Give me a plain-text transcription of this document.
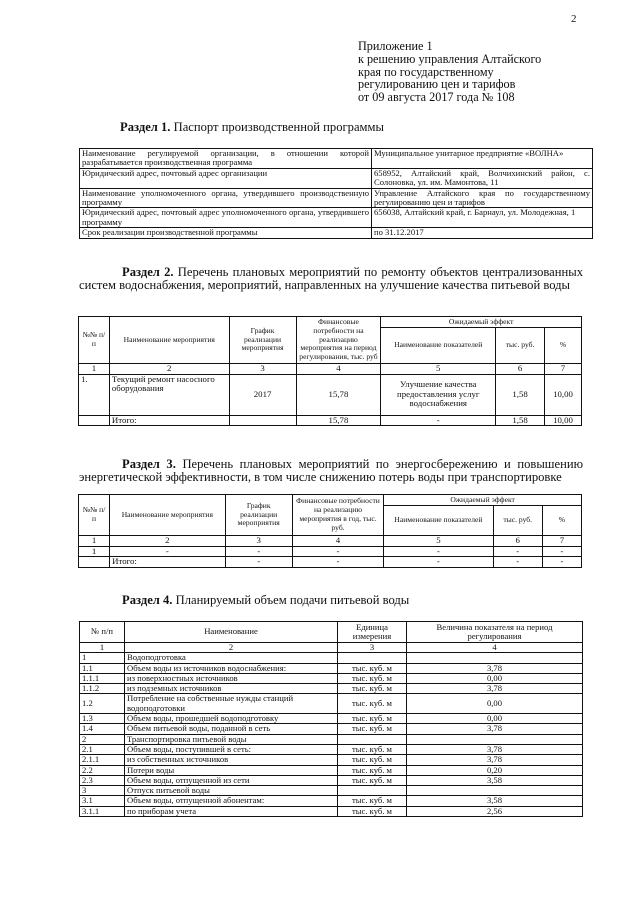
2
Приложение 1
к решению управления Алтайского
края по государственному
регулированию цен и тарифов
от 09 августа 2017 года № 108
Раздел 1. Паспорт производственной программы
Наименование регулируемой организации, в отношении которой разрабатывается производственная программа	Муниципальное унитарное предприятие «ВОЛНА»
Юридический адрес, почтовый адрес организации	658952, Алтайский край, Волчихинский район, с. Солоновка, ул. им. Мамонтова, 11
Наименование уполномоченного органа, утвердившего производственную программу	Управление Алтайского края по государственному регулированию цен и тарифов
Юридический адрес, почтовый адрес уполномоченного органа, утвердившего программу	656038, Алтайский край, г. Барнаул, ул. Молодежная, 1
Срок реализации производственной программы	по 31.12.2017
Раздел 2. Перечень плановых мероприятий по ремонту объектов централизованных систем водоснабжения, мероприятий, направленных на улучшение качества питьевой воды
№№ п/п	Наименование мероприятия	График реализации мероприятия	Финансовые потребности на реализацию мероприятия на период регулирования, тыс. руб	Ожидаемый эффект		
				Наименование показателей	тыс. руб.	%
1	2	3	4	5	6	7
1.	Текущий ремонт насосного оборудования	2017	15,78	Улучшение качества предоставления услуг водоснабжения	1,58	10,00
	Итого:		15,78	-	1,58	10,00
Раздел 3. Перечень плановых мероприятий по энергосбережению и повышению энергетической эффективности, в том числе снижению потерь воды при транспортировке
№№ п/п	Наименование мероприятия	График реализации мероприятия	Финансовые потребности на реализацию мероприятия в год, тыс. руб.	Ожидаемый эффект		
				Наименование показателей	тыс. руб.	%
1	2	3	4	5	6	7
1	-	-	-	-	-	-
	Итого:	-	-	-	-	-
Раздел 4. Планируемый объем подачи питьевой воды
№ п/п	Наименование	Единица измерения	Величина показателя на период регулирования
1	2	3	4
1	Водоподготовка		
1.1	Объем воды из источников водоснабжения:	тыс. куб. м	3,78
1.1.1	из поверхностных источников	тыс. куб. м	0,00
1.1.2	из подземных источников	тыс. куб. м	3,78
1.2	Потребление на собственные нужды станций водоподготовки	тыс. куб. м	0,00
1.3	Объем воды, прошедшей водоподготовку	тыс. куб. м	0,00
1.4	Объем питьевой воды, поданной в сеть	тыс. куб. м	3,78
2	Транспортировка питьевой воды		
2.1	Объем воды, поступившей в сеть:	тыс. куб. м	3,78
2.1.1	из собственных источников	тыс. куб. м	3,78
2.2	Потери воды	тыс. куб. м	0,20
2.3	Объем воды, отпущенной из сети	тыс. куб. м	3,58
3	Отпуск питьевой воды		
3.1	Объем воды, отпущенной абонентам:	тыс. куб. м	3,58
3.1.1	по приборам учета	тыс. куб. м	2,56
